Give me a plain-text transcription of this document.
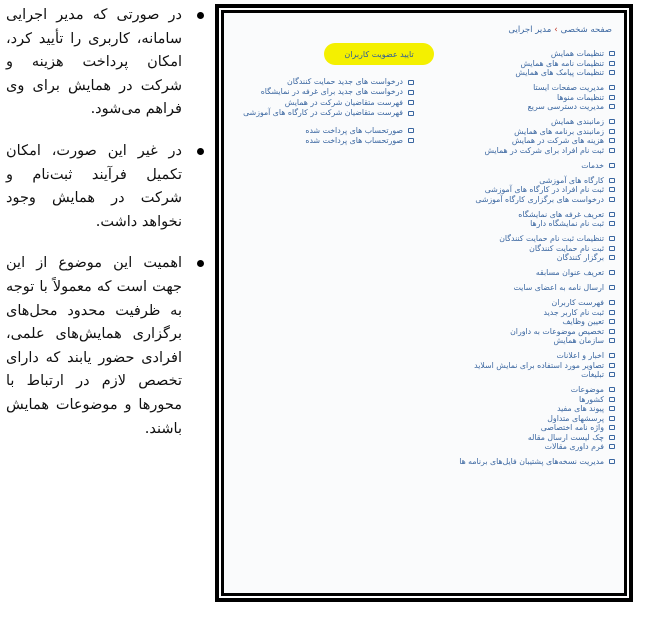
در صورتی که مدیر اجرایی سامانه، کاربری را تأیید کرد، امکان پرداخت هزینه و شرکت در همایش برای وی فراهم می‌شود.
در غیر این صورت، امکان تکمیل فرآیند ثبت‌نام و شرکت در همایش وجود نخواهد داشت.
اهمیت این موضوع از این جهت است که معمولاً با توجه به ظرفیت محدود محل‌های برگزاری همایش‌های علمی، افرادی حضور یابند که دارای تخصص لازم در ارتباط با محورها و موضوعات همایش باشند.
صفحه شخصی›مدیر اجرایی
تایید عضویت کاربران
درخواست های جدید حمایت کنندگان
درخواست های جدید برای غرفه در نمایشگاه
فهرست متقاضیان شرکت در همایش
فهرست متقاضیان شرکت در کارگاه های آموزشی
صورتحساب های پرداخت شده
صورتحساب های پرداخت شده
تنظیمات همایش
تنظیمات نامه های همایش
تنظیمات پیامک های همایش
مدیریت صفحات ایستا
تنظیمات منوها
مدیریت دسترسی سریع
زمانبندی همایش
زمانبندی برنامه های همایش
هزینه های شرکت در همایش
ثبت نام افراد برای شرکت در همایش
خدمات
کارگاه های آموزشی
ثبت نام افراد در کارگاه های آموزشی
درخواست های برگزاری کارگاه آموزشی
تعریف غرفه های نمایشگاه
ثبت نام نمایشگاه دارها
تنظیمات ثبت نام حمایت کنندگان
ثبت نام حمایت کنندگان
برگزار کنندگان
تعریف عنوان مسابقه
ارسال نامه به اعضای سایت
فهرست کاربران
ثبت نام کاربر جدید
تعیین وظایف
تخصیص موضوعات به داوران
سازمان همایش
اخبار و اعلانات
تصاویر مورد استفاده برای نمایش اسلاید
تبلیغات
موضوعات
کشورها
پیوند های مفید
پرسشهای متداول
واژه نامه اختصاصی
چک لیست ارسال مقاله
فرم داوری مقالات
مدیریت نسخه‌های پشتیبان فایل‌های برنامه ها
